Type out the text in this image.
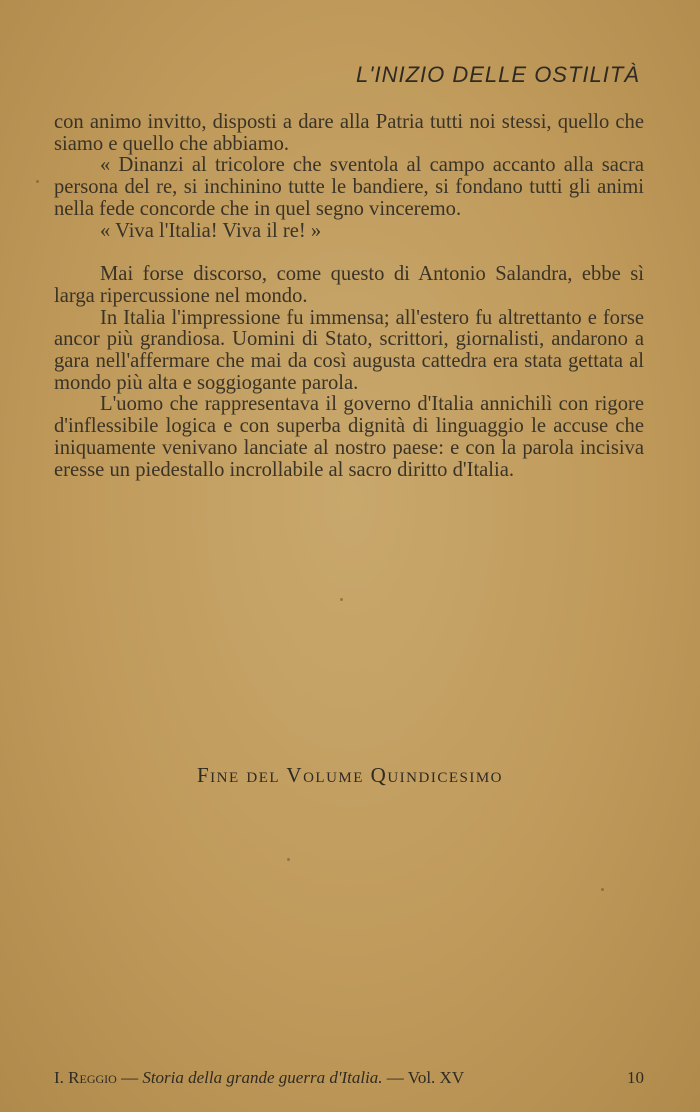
L'INIZIO DELLE OSTILITÀ

con animo invitto, disposti a dare alla Patria tutti noi stessi, quello che siamo e quello che abbiamo.

« Dinanzi al tricolore che sventola al campo accanto alla sacra persona del re, si inchinino tutte le bandiere, si fondano tutti gli animi nella fede concorde che in quel segno vinceremo.

« Viva l'Italia! Viva il re! »

Mai forse discorso, come questo di Antonio Salandra, ebbe sì larga ripercussione nel mondo.

In Italia l'impressione fu immensa; all'estero fu altrettanto e forse ancor più grandiosa. Uomini di Stato, scrittori, giornalisti, andarono a gara nell'affermare che mai da così augusta cattedra era stata gettata al mondo più alta e soggiogante parola.

L'uomo che rappresentava il governo d'Italia annichilì con rigore d'inflessibile logica e con superba dignità di linguaggio le accuse che iniquamente venivano lanciate al nostro paese: e con la parola incisiva eresse un piedestallo incrollabile al sacro diritto d'Italia.

Fine del Volume Quindicesimo
I. Reggio — Storia della grande guerra d'Italia. — Vol. XV	10
